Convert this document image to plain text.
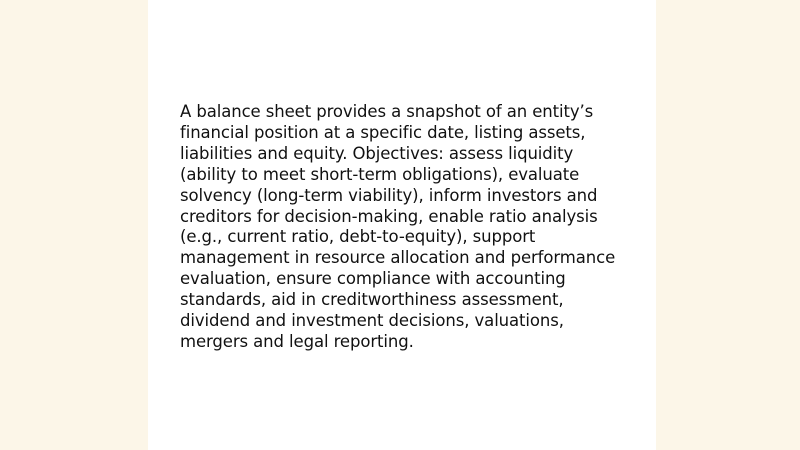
A balance sheet provides a snapshot of an entity’s financial position at a specific date, listing assets, liabilities and equity. Objectives: assess liquidity (ability to meet short-term obligations), evaluate solvency (long-term viability), inform investors and creditors for decision-making, enable ratio analysis (e.g., current ratio, debt-to-equity), support management in resource allocation and performance evaluation, ensure compliance with accounting standards, aid in creditworthiness assessment, dividend and investment decisions, valuations, mergers and legal reporting.
